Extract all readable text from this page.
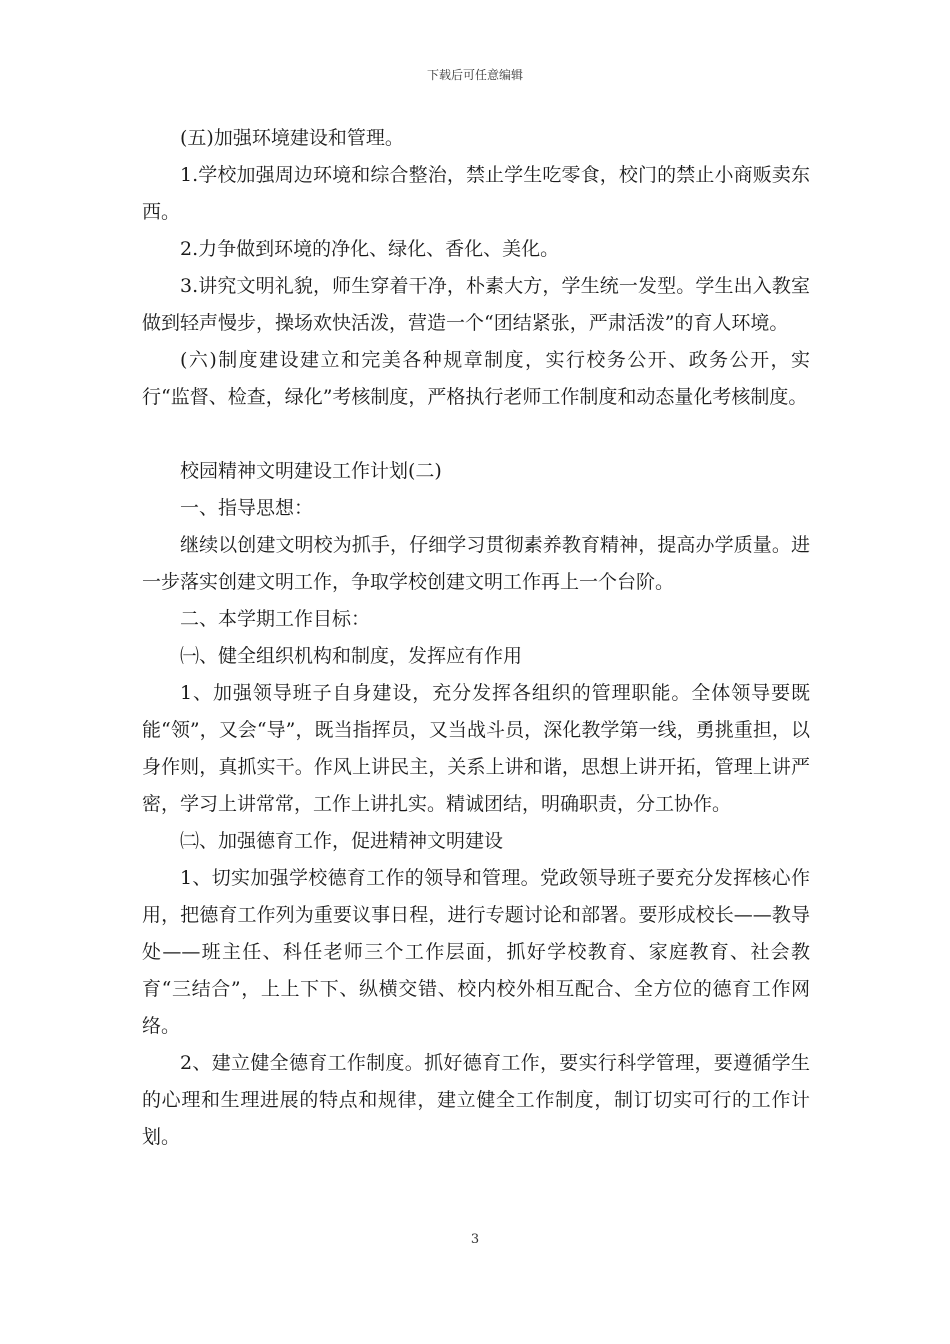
下载后可任意编辑

(五)加强环境建设和管理。

1.学校加强周边环境和综合整治，禁止学生吃零食，校门的禁止小商贩卖东西。

2.力争做到环境的净化、绿化、香化、美化。

3.讲究文明礼貌，师生穿着干净，朴素大方，学生统一发型。学生出入教室做到轻声慢步，操场欢快活泼，营造一个“团结紧张，严肃活泼”的育人环境。

(六)制度建设建立和完美各种规章制度，实行校务公开、政务公开，实行“监督、检查，绿化”考核制度，严格执行老师工作制度和动态量化考核制度。

校园精神文明建设工作计划(二)

一、指导思想：

继续以创建文明校为抓手，仔细学习贯彻素养教育精神，提高办学质量。进一步落实创建文明工作，争取学校创建文明工作再上一个台阶。

二、本学期工作目标：

㈠、健全组织机构和制度，发挥应有作用

1、加强领导班子自身建设，充分发挥各组织的管理职能。全体领导要既能“领”，又会“导”，既当指挥员，又当战斗员，深化教学第一线，勇挑重担，以身作则，真抓实干。作风上讲民主，关系上讲和谐，思想上讲开拓，管理上讲严密，学习上讲常常，工作上讲扎实。精诚团结，明确职责，分工协作。

㈡、加强德育工作，促进精神文明建设

1、切实加强学校德育工作的领导和管理。党政领导班子要充分发挥核心作用，把德育工作列为重要议事日程，进行专题讨论和部署。要形成校长——教导处——班主任、科任老师三个工作层面，抓好学校教育、家庭教育、社会教育“三结合”，上上下下、纵横交错、校内校外相互配合、全方位的德育工作网络。

2、建立健全德育工作制度。抓好德育工作，要实行科学管理，要遵循学生的心理和生理进展的特点和规律，建立健全工作制度，制订切实可行的工作计划。

3
